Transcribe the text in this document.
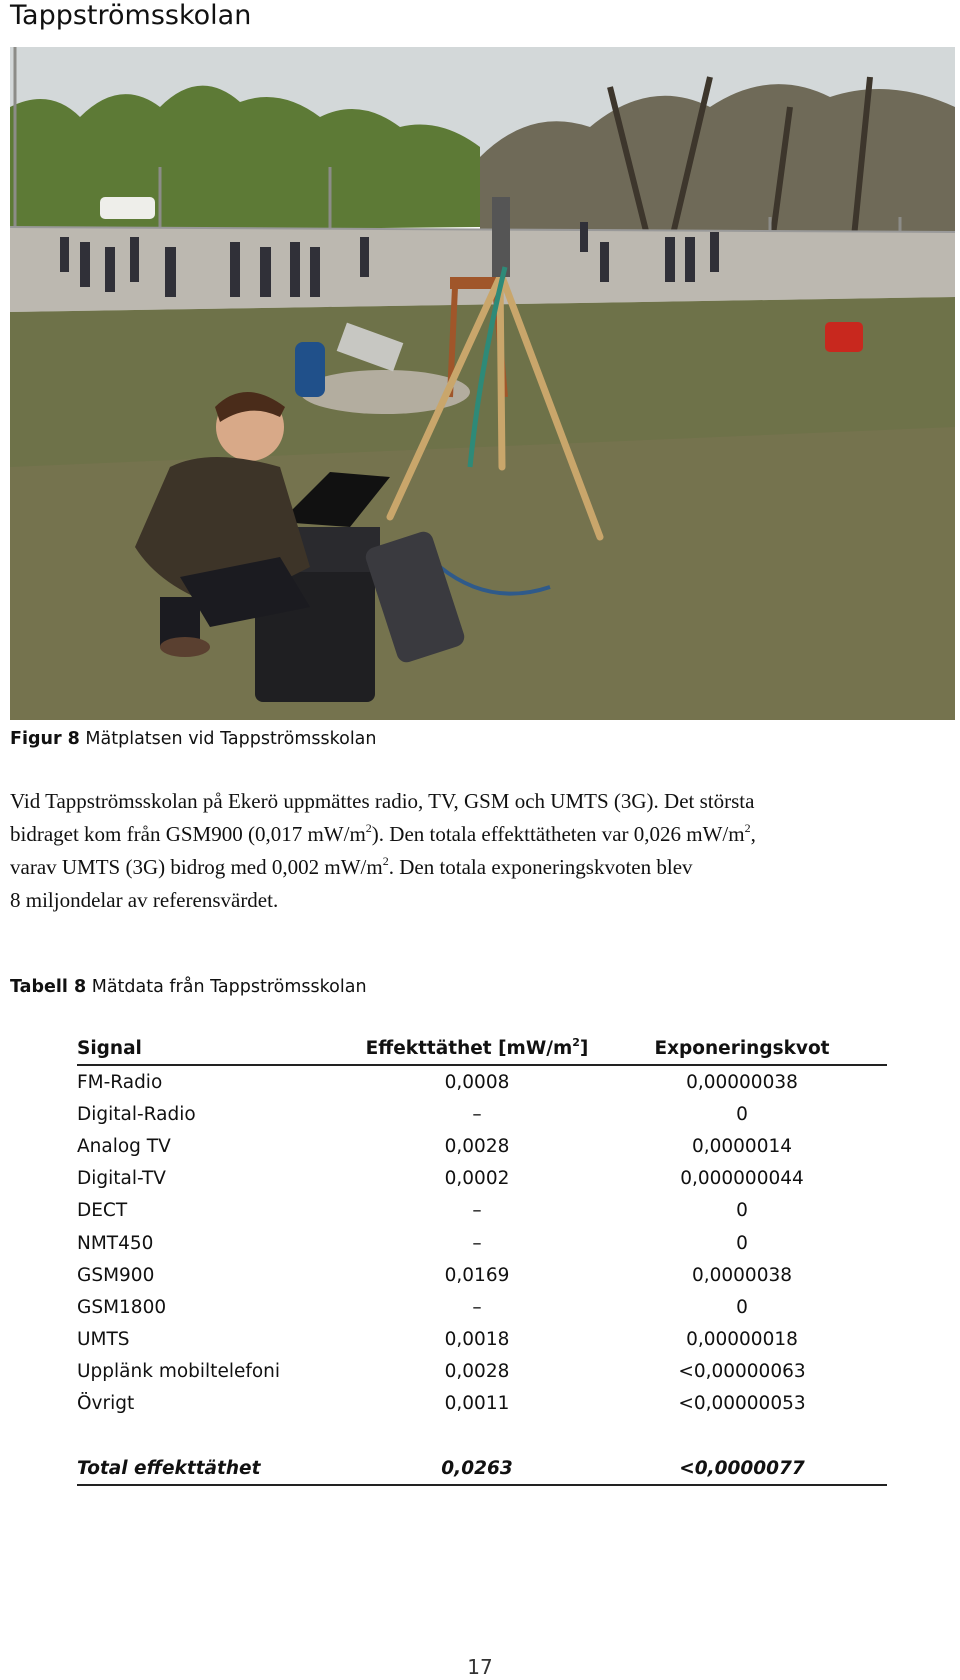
Tappströmsskolan
Figur 8 Mätplatsen vid Tappströmsskolan

Vid Tappströmsskolan på Ekerö uppmättes radio, TV, GSM och UMTS (3G). Det största

bidraget kom från GSM900 (0,017 $mW/m^2$). Den totala effekttätheten var 0,026 $mW/m^2$,

varav UMTS (3G) bidrog med 0,002 $mW/m^2$. Den totala exponeringskvoten blev

8 miljondelar av referensvärdet.

Tabell 8 Mätdata från Tappströmsskolan
Signal	Effekttäthet $[mW/m^2]$	Exponeringskvot
FM-Radio	0,0008	0,00000038
Digital-Radio	–	0
Analog TV	0,0028	0,0000014
Digital-TV	0,0002	0,000000044
DECT	–	0
NMT450	–	0
GSM900	0,0169	0,0000038
GSM1800	–	0
UMTS	0,0018	0,00000018
Upplänk mobiltelefoni	0,0028	<0,00000063
Övrigt	0,0011	<0,00000053
Total effekttäthet	0,0263	<0,0000077
17
